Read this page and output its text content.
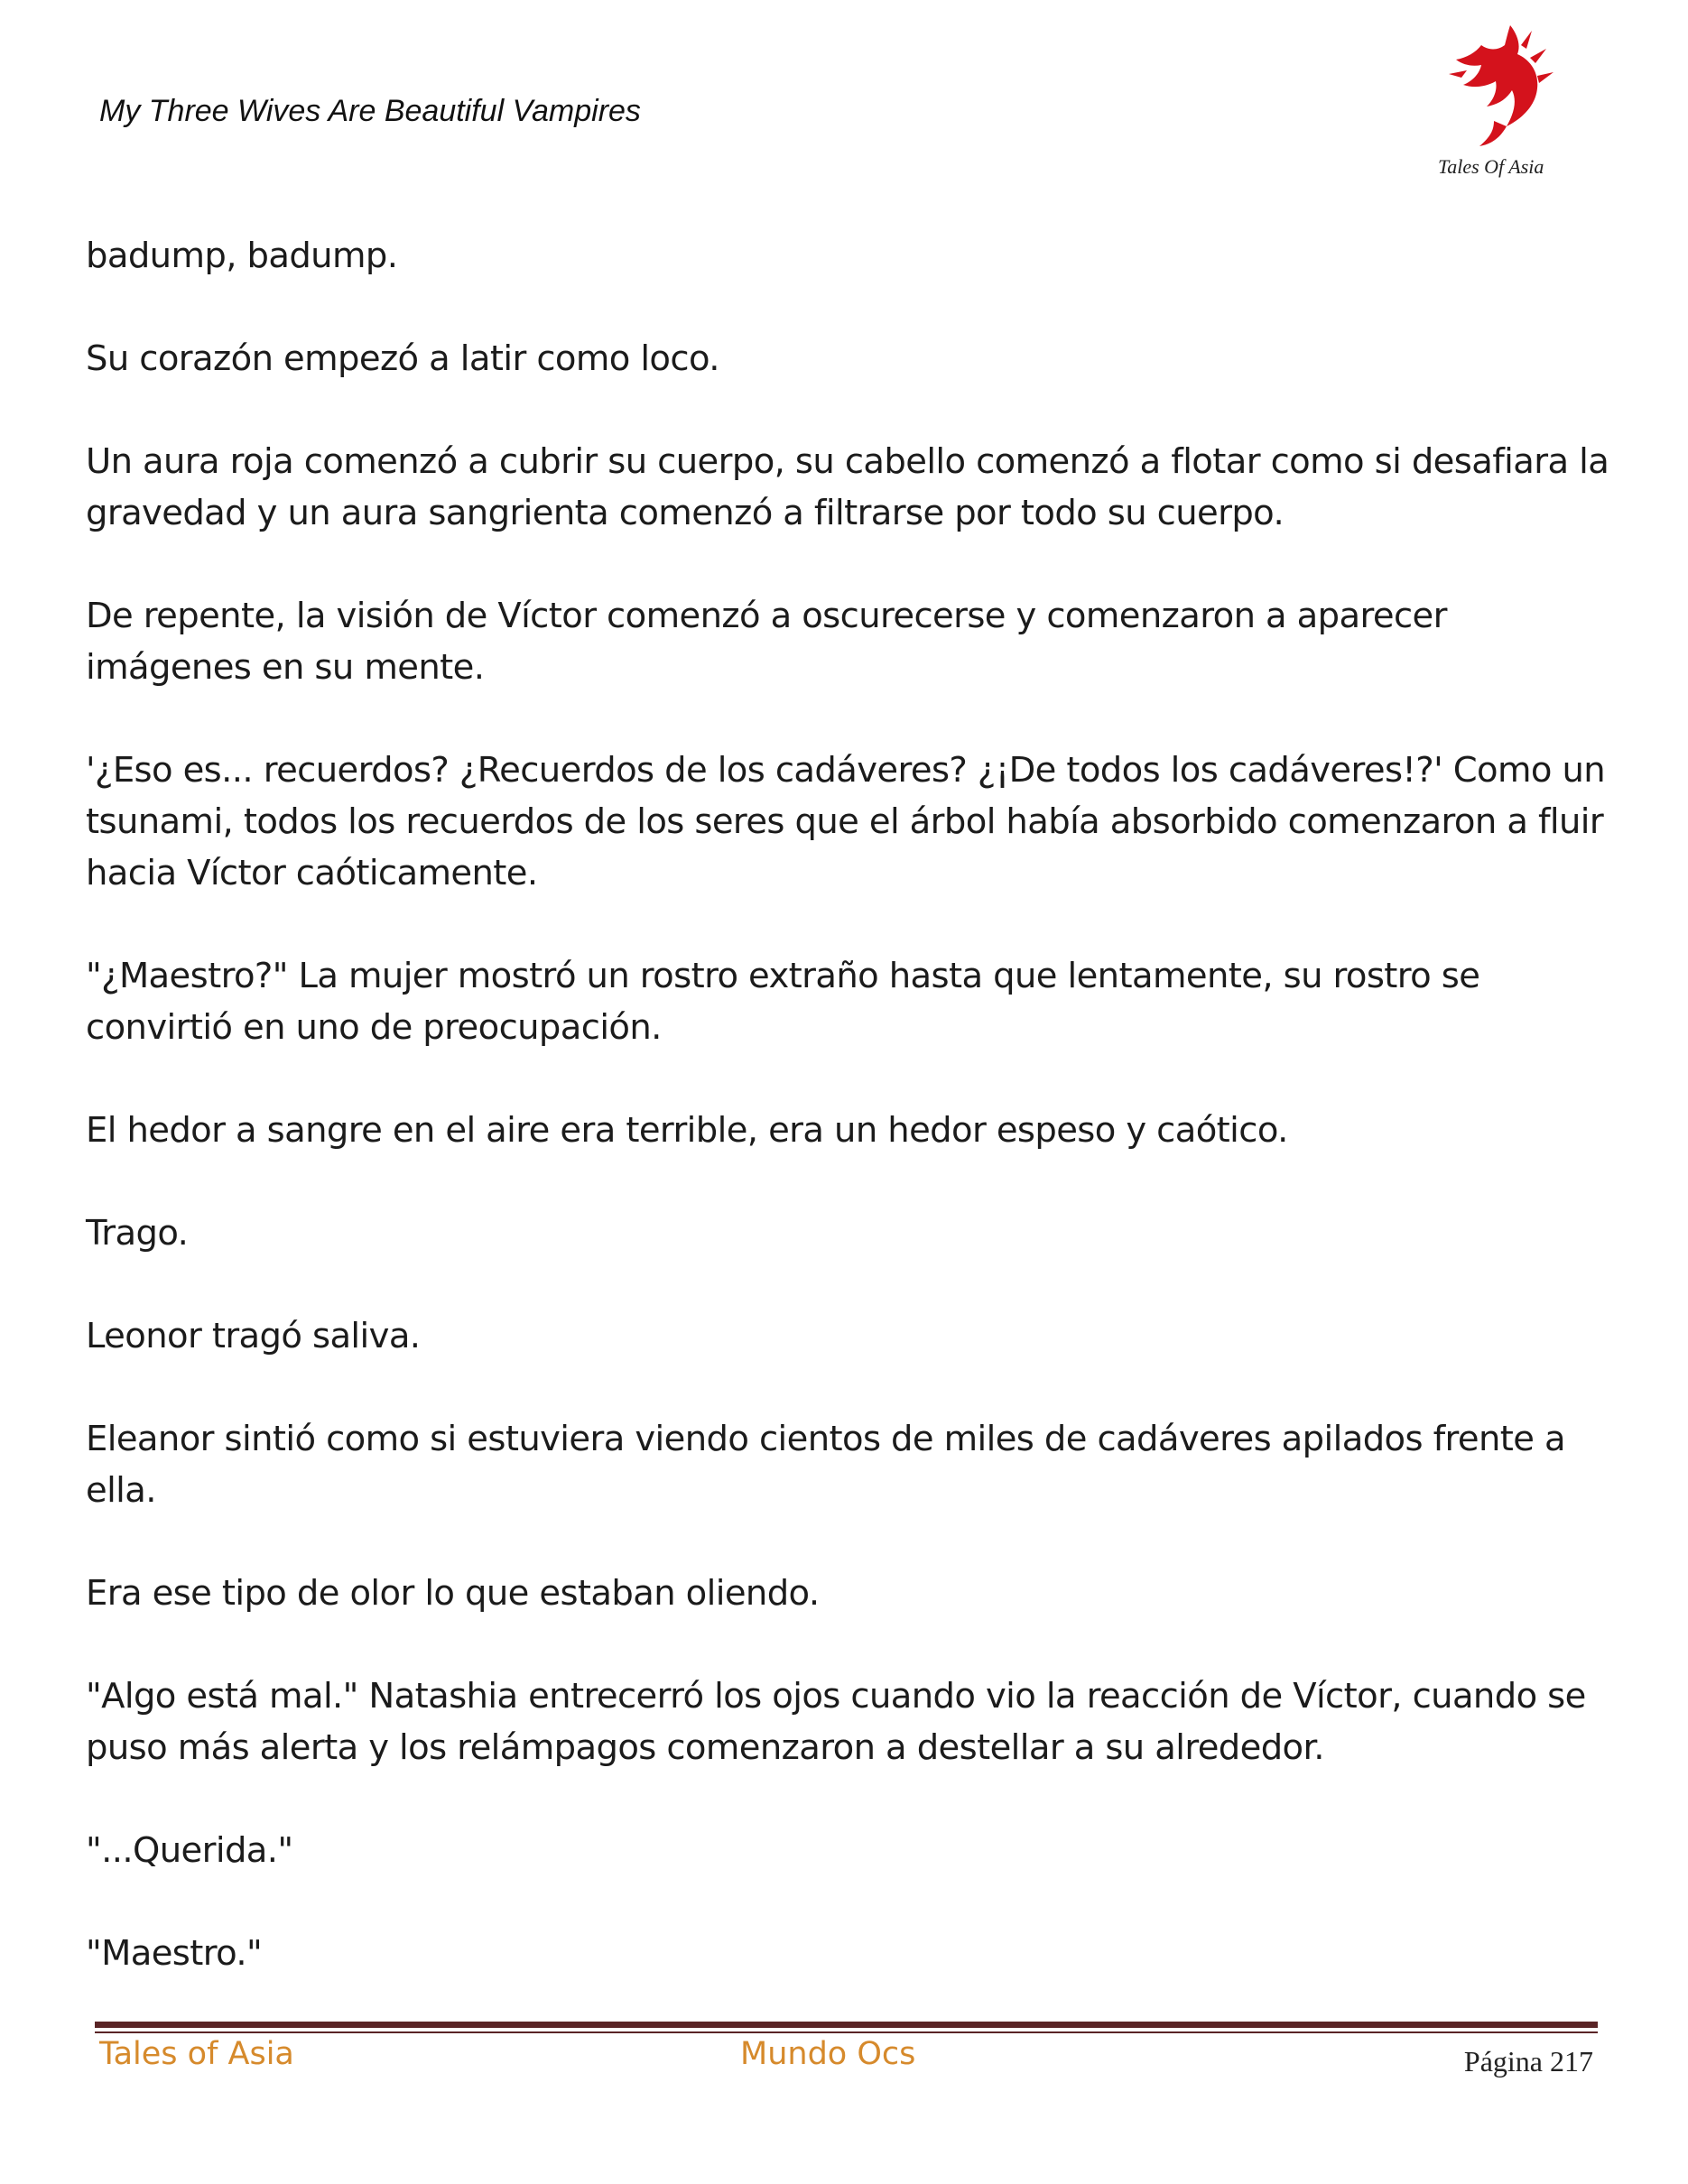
My Three Wives Are Beautiful Vampires
Tales Of Asia

badump, badump.

Su corazón empezó a latir como loco.

Un aura roja comenzó a cubrir su cuerpo, su cabello comenzó a flotar como si desafiara la gravedad y un aura sangrienta comenzó a filtrarse por todo su cuerpo.

De repente, la visión de Víctor comenzó a oscurecerse y comenzaron a aparecer imágenes en su mente.

'¿Eso es... recuerdos? ¿Recuerdos de los cadáveres? ¿¡De todos los cadáveres!?' Como un tsunami, todos los recuerdos de los seres que el árbol había absorbido comenzaron a fluir hacia Víctor caóticamente.

"¿Maestro?" La mujer mostró un rostro extraño hasta que lentamente, su rostro se convirtió en uno de preocupación.

El hedor a sangre en el aire era terrible, era un hedor espeso y caótico.

Trago.

Leonor tragó saliva.

Eleanor sintió como si estuviera viendo cientos de miles de cadáveres apilados frente a ella.

Era ese tipo de olor lo que estaban oliendo.

"Algo está mal." Natashia entrecerró los ojos cuando vio la reacción de Víctor, cuando se puso más alerta y los relámpagos comenzaron a destellar a su alrededor.

"...Querida."

"Maestro."

Tales of Asia	Mundo Ocs	Página 217
